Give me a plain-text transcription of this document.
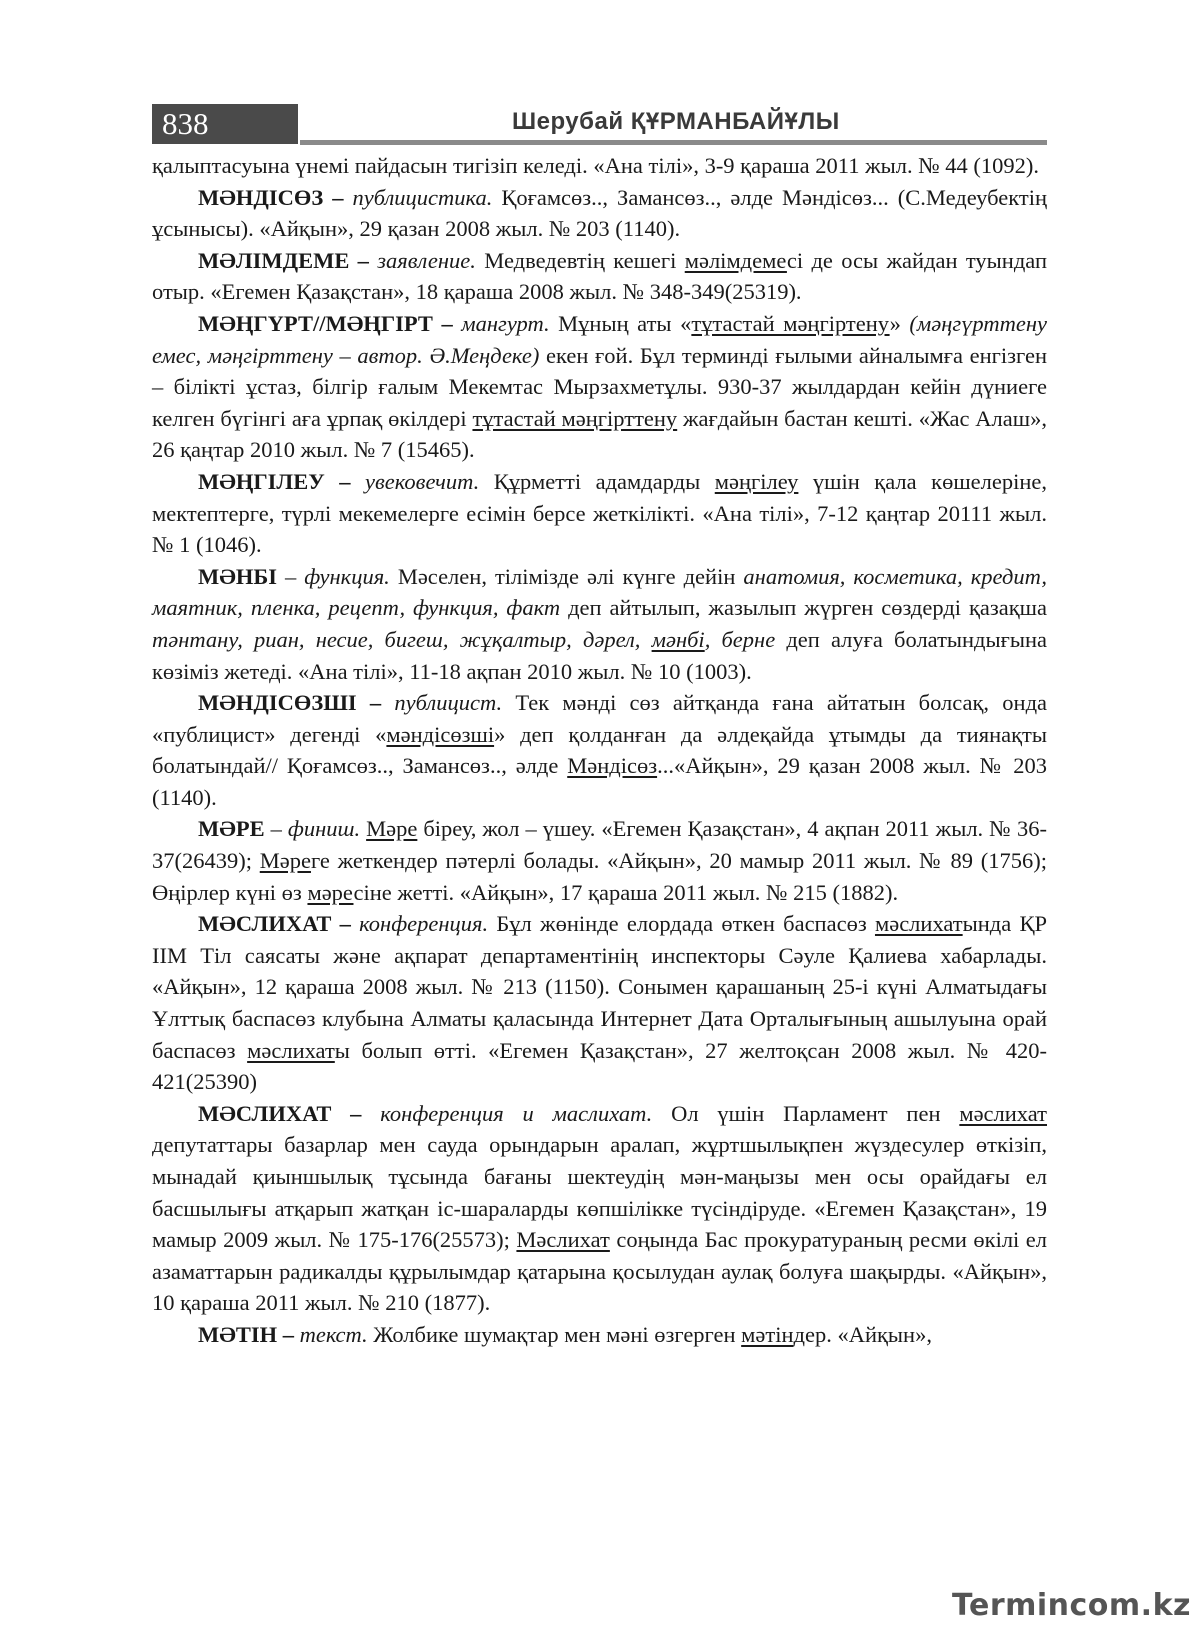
838	Шерубай ҚҰРМАНБАЙҰЛЫ

қалыптасуына үнемі пайдасын тигізіп келеді. «Ана тілі», 3-9 қараша 2011 жыл. № 44 (1092).

МӘНДІСӨЗ – публицистика. Қоғамсөз.., Замансөз.., әлде Мәндісөз... (С.Медеубектің ұсынысы). «Айқын», 29 қазан 2008 жыл. № 203 (1140).

МӘЛІМДЕМЕ – заявление. Медведевтің кешегі мәлімдемесі де осы жайдан туындап отыр. «Егемен Қазақстан», 18 қараша 2008 жыл. № 348-349(25319).

МӘҢГҮРТ//МӘҢГІРТ – мангурт. Мұның аты «тұтастай мәңгіртену» (мәңгүрттену емес, мәңгірттену – автор. Ә.Меңдеке) екен ғой. Бұл терминді ғылыми айналымға енгізген – білікті ұстаз, білгір ғалым Мекемтас Мырзахметұлы. 930-37 жылдардан кейін дүниеге келген бүгінгі аға ұрпақ өкілдері тұтастай мәңгірттену жағдайын бастан кешті. «Жас Алаш», 26 қаңтар 2010 жыл. № 7 (15465).

МӘҢГІЛЕУ – увековечит. Құрметті адамдарды мәңгілеу үшін қала көшелеріне, мектептерге, түрлі мекемелерге есімін берсе жеткілікті. «Ана тілі», 7-12 қаңтар 20111 жыл. № 1 (1046).

МӘНБІ – функция. Мәселен, тілімізде әлі күнге дейін анатомия, косметика, кредит, маятник, пленка, рецепт, функция, факт деп айтылып, жазылып жүрген сөздерді қазақша тәнтану, риан, несие, бигеш, жұқалтыр, дәрел, мәнбі, берне деп алуға болатындығына көзіміз жетеді. «Ана тілі», 11-18 ақпан 2010 жыл. № 10 (1003).

МӘНДІСӨЗШІ – публицист. Тек мәнді сөз айтқанда ғана айтатын болсақ, онда «публицист» дегенді «мәндісөзші» деп қолданған да әлдеқайда ұтымды да тиянақты болатындай// Қоғамсөз.., Замансөз.., әлде Мәндісөз...«Айқын», 29 қазан 2008 жыл. № 203 (1140).

МӘРЕ – финиш. Мәре біреу, жол – үшеу. «Егемен Қазақстан», 4 ақпан 2011 жыл. № 36-37(26439); Мәреге жеткендер пәтерлі болады. «Айқын», 20 мамыр 2011 жыл. № 89 (1756); Өңірлер күні өз мәресіне жетті. «Айқын», 17 қараша 2011 жыл. № 215 (1882).

МӘСЛИХАТ – конференция. Бұл жөнінде елордада өткен баспасөз мәслихатында ҚР ІІМ Тіл саясаты және ақпарат департаментінің инспекторы Сәуле Қалиева хабарлады. «Айқын», 12 қараша 2008 жыл. № 213 (1150). Сонымен қарашаның 25-і күні Алматыдағы Ұлттық баспасөз клубына Алматы қаласында Интернет Дата Орталығының ашылуына орай баспасөз мәслихаты болып өтті. «Егемен Қазақстан», 27 желтоқсан 2008 жыл. № 420-421(25390)

МӘСЛИХАТ – конференция и маслихат. Ол үшін Парламент пен мәслихат депутаттары базарлар мен сауда орындарын аралап, жұртшылықпен жүздесулер өткізіп, мынадай қиыншылық тұсында бағаны шектеудің мән-маңызы мен осы орайдағы ел басшылығы атқарып жатқан іс-шараларды көпшілікке түсіндіруде. «Егемен Қазақстан», 19 мамыр 2009 жыл. № 175-176(25573); Мәслихат соңында Бас прокуратураның ресми өкілі ел азаматтарын радикалды құрылымдар қатарына қосылудан аулақ болуға шақырды. «Айқын», 10 қараша 2011 жыл. № 210 (1877).

МӘТІН – текст. Жолбике шумақтар мен мәні өзгерген мәтіндер. «Айқын»,

Termincom.kz
